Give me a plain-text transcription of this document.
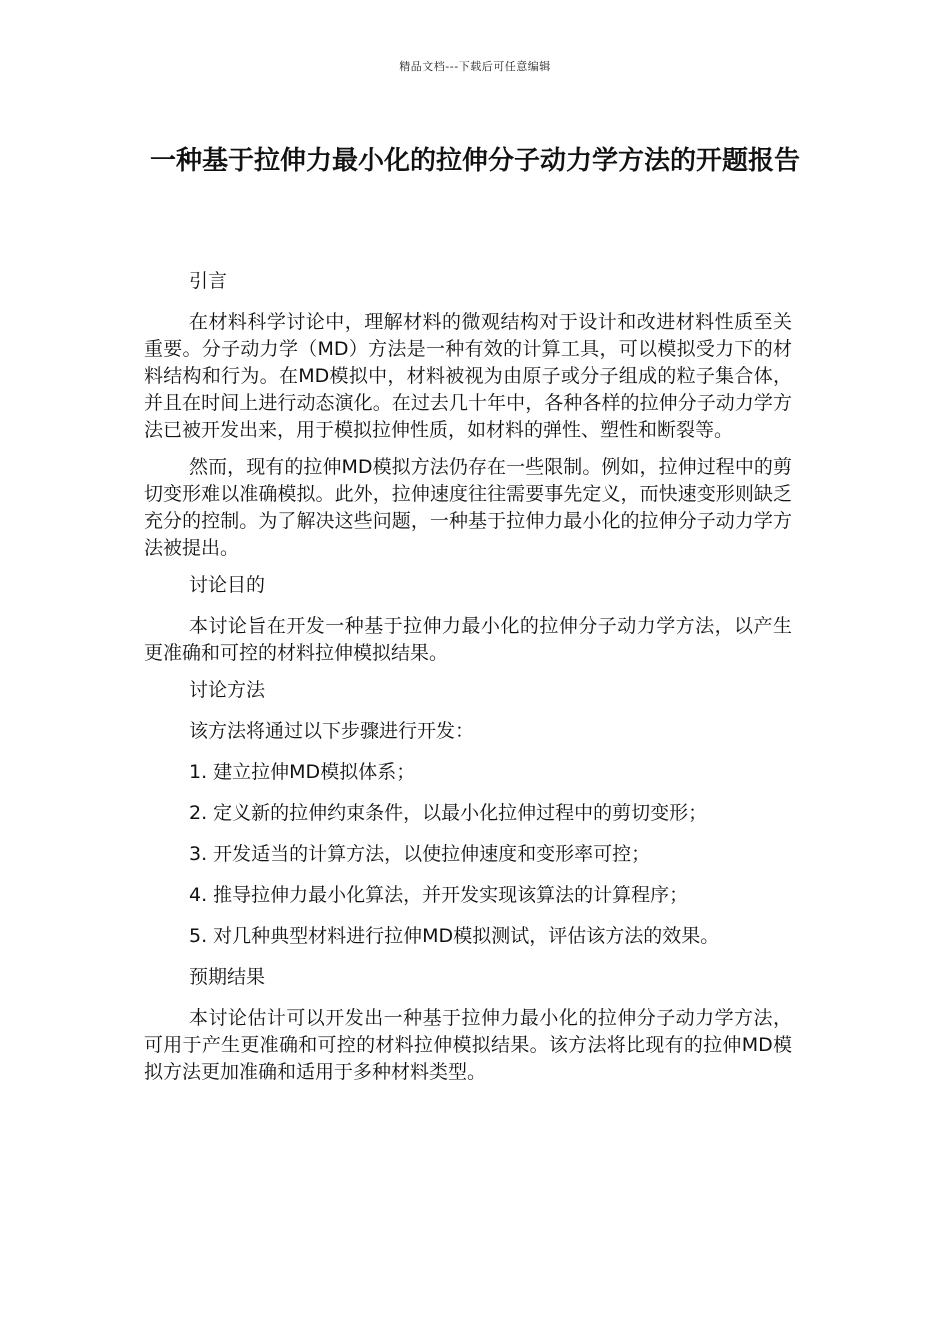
精品文档---下载后可任意编辑
一种基于拉伸力最小化的拉伸分子动力学方法的开题报告
引言

在材料科学讨论中，理解材料的微观结构对于设计和改进材料性质至关重要。分子动力学（MD）方法是一种有效的计算工具，可以模拟受力下的材料结构和行为。在MD模拟中，材料被视为由原子或分子组成的粒子集合体，并且在时间上进行动态演化。在过去几十年中，各种各样的拉伸分子动力学方法已被开发出来，用于模拟拉伸性质，如材料的弹性、塑性和断裂等。

然而，现有的拉伸MD模拟方法仍存在一些限制。例如，拉伸过程中的剪切变形难以准确模拟。此外，拉伸速度往往需要事先定义，而快速变形则缺乏充分的控制。为了解决这些问题，一种基于拉伸力最小化的拉伸分子动力学方法被提出。

讨论目的

本讨论旨在开发一种基于拉伸力最小化的拉伸分子动力学方法，以产生更准确和可控的材料拉伸模拟结果。

讨论方法
该方法将通过以下步骤进行开发：
1. 建立拉伸MD模拟体系；
2. 定义新的拉伸约束条件，以最小化拉伸过程中的剪切变形；
3. 开发适当的计算方法，以使拉伸速度和变形率可控；
4. 推导拉伸力最小化算法，并开发实现该算法的计算程序；
5. 对几种典型材料进行拉伸MD模拟测试，评估该方法的效果。
预期结果

本讨论估计可以开发出一种基于拉伸力最小化的拉伸分子动力学方法，可用于产生更准确和可控的材料拉伸模拟结果。该方法将比现有的拉伸MD模拟方法更加准确和适用于多种材料类型。
